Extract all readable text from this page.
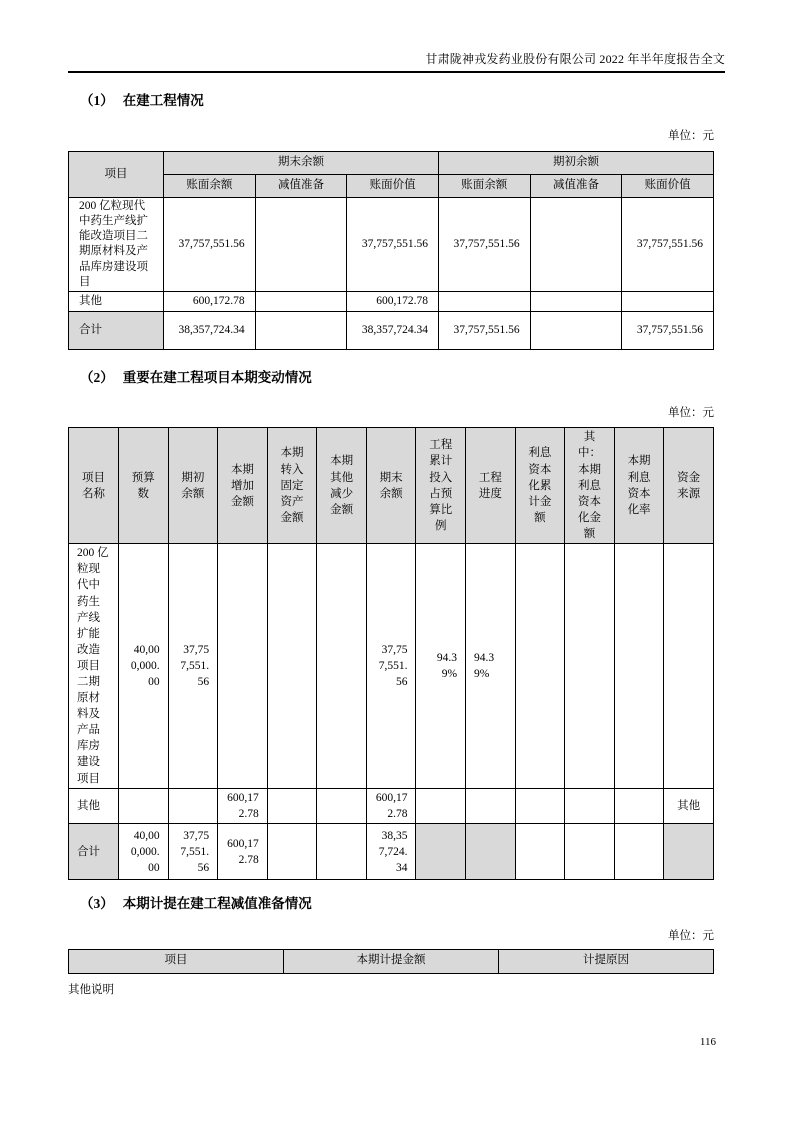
甘肃陇神戎发药业股份有限公司 2022 年半年度报告全文
（1） 在建工程情况
单位：元
项目	期末余额			期初余额		
	账面余额	减值准备	账面价值	账面余额	减值准备	账面价值
200 亿粒现代中药生产线扩能改造项目二期原材料及产品库房建设项目	37,757,551.56		37,757,551.56	37,757,551.56		37,757,551.56
其他	600,172.78		600,172.78			
合计	38,357,724.34		38,357,724.34	37,757,551.56		37,757,551.56
（2） 重要在建工程项目本期变动情况
单位：元
项目名称	预算数	期初余额	本期增加金额	本期转入固定资产金额	本期其他减少金额	期末余额	工程累计投入占预算比例	工程进度	利息资本化累计金额	其中：本期利息资本化金额	本期利息资本化率	资金来源
200 亿粒现代中药生产线扩能改造项目二期原材料及产品库房建设项目	40,000,000.00	37,757,551.56				37,757,551.56	94.39%	94.39%				
其他			600,172.78			600,172.78						其他
合计	40,000,000.00	37,757,551.56	600,172.78			38,357,724.34						
（3） 本期计提在建工程减值准备情况
单位：元
项目	本期计提金额	计提原因
其他说明
116
